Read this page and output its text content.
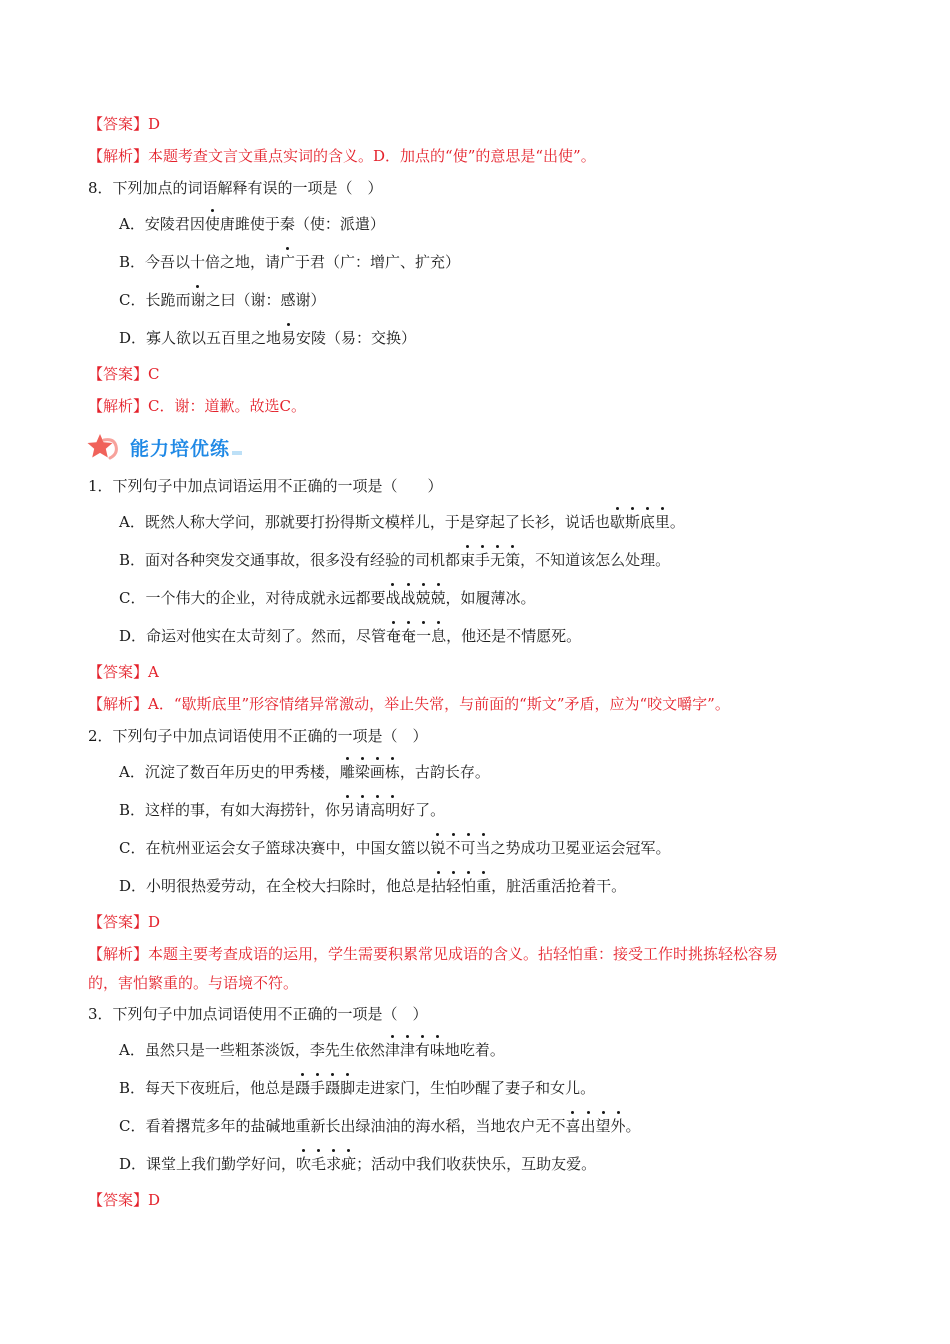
【答案】D
【解析】本题考查文言文重点实词的含义。D．加点的“使”的意思是“出使”。
8．下列加点的词语解释有误的一项是（　）
A．安陵君因使唐雎使于秦（使：派遣）
B．今吾以十倍之地，请广于君（广：增广、扩充）
C．长跪而谢之曰（谢：感谢）
D．寡人欲以五百里之地易安陵（易：交换）
【答案】C
【解析】C．谢：道歉。故选C。
能力培优练
1．下列句子中加点词语运用不正确的一项是（　　）
A．既然人称大学问，那就要打扮得斯文模样儿，于是穿起了长衫，说话也歇斯底里。
B．面对各种突发交通事故，很多没有经验的司机都束手无策，不知道该怎么处理。
C．一个伟大的企业，对待成就永远都要战战兢兢，如履薄冰。
D．命运对他实在太苛刻了。然而，尽管奄奄一息，他还是不情愿死。
【答案】A
【解析】A．“歇斯底里”形容情绪异常激动，举止失常，与前面的“斯文”矛盾，应为“咬文嚼字”。
2．下列句子中加点词语使用不正确的一项是（　）
A．沉淀了数百年历史的甲秀楼，雕梁画栋，古韵长存。
B．这样的事，有如大海捞针，你另请高明好了。
C．在杭州亚运会女子篮球决赛中，中国女篮以锐不可当之势成功卫冕亚运会冠军。
D．小明很热爱劳动，在全校大扫除时，他总是拈轻怕重，脏活重活抢着干。
【答案】D
【解析】本题主要考查成语的运用，学生需要积累常见成语的含义。拈轻怕重：接受工作时挑拣轻松容易
的，害怕繁重的。与语境不符。
3．下列句子中加点词语使用不正确的一项是（　）
A．虽然只是一些粗茶淡饭，李先生依然津津有味地吃着。
B．每天下夜班后，他总是蹑手蹑脚走进家门，生怕吵醒了妻子和女儿。
C．看着撂荒多年的盐碱地重新长出绿油油的海水稻，当地农户无不喜出望外。
D．课堂上我们勤学好问，吹毛求疵；活动中我们收获快乐，互助友爱。
【答案】D
